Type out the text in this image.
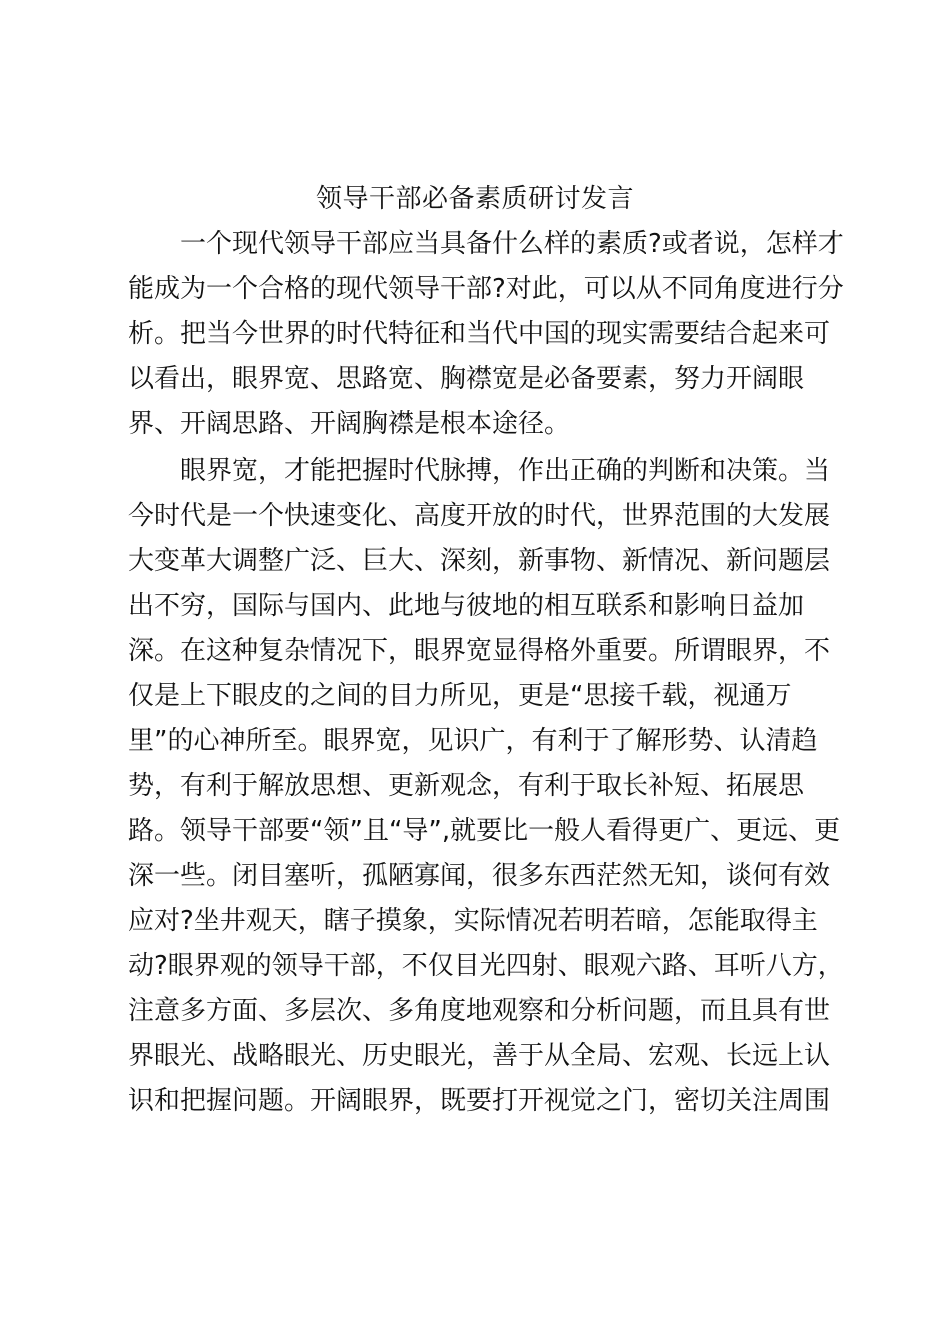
领导干部必备素质研讨发言
一个现代领导干部应当具备什么样的素质?或者说，怎样才
能成为一个合格的现代领导干部?对此，可以从不同角度进行分
析。把当今世界的时代特征和当代中国的现实需要结合起来可
以看出，眼界宽、思路宽、胸襟宽是必备要素，努力开阔眼
界、开阔思路、开阔胸襟是根本途径。
眼界宽，才能把握时代脉搏，作出正确的判断和决策。当
今时代是一个快速变化、高度开放的时代，世界范围的大发展
大变革大调整广泛、巨大、深刻，新事物、新情况、新问题层
出不穷，国际与国内、此地与彼地的相互联系和影响日益加
深。在这种复杂情况下，眼界宽显得格外重要。所谓眼界，不
仅是上下眼皮的之间的目力所见，更是“思接千载，视通万
里”的心神所至。眼界宽，见识广，有利于了解形势、认清趋
势，有利于解放思想、更新观念，有利于取长补短、拓展思
路。领导干部要“领”且“导”,就要比一般人看得更广、更远、更
深一些。闭目塞听，孤陋寡闻，很多东西茫然无知，谈何有效
应对?坐井观天，瞎子摸象，实际情况若明若暗，怎能取得主
动?眼界观的领导干部，不仅目光四射、眼观六路、耳听八方，
注意多方面、多层次、多角度地观察和分析问题，而且具有世
界眼光、战略眼光、历史眼光，善于从全局、宏观、长远上认
识和把握问题。开阔眼界，既要打开视觉之门，密切关注周围
